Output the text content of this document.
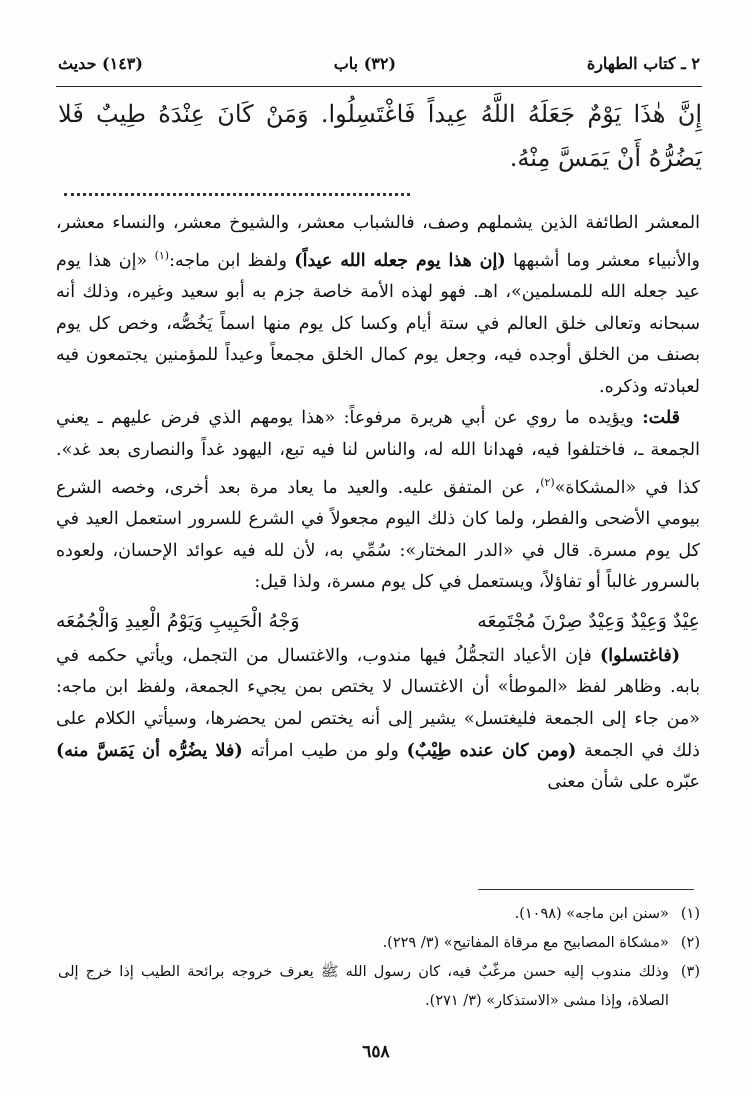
٢ ـ كتاب الطهارة
(٣٢) باب
(١٤٣) حديث
إِنَّ هٰذَا يَوْمٌ جَعَلَهُ اللَّهُ عِيداً فَاغْتَسِلُوا. وَمَنْ كَانَ عِنْدَهُ طِيبٌ فَلا يَضُرُّهُ أَنْ يَمَسَّ مِنْهُ.

المعشر الطائفة الذين يشملهم وصف، فالشباب معشر، والشيوخ معشر، والنساء معشر، والأنبياء معشر وما أشبهها (إن هذا يوم جعله الله عيداً) ولفظ ابن ماجه:$^{(١)}$ «إن هذا يوم عيد جعله الله للمسلمين»، اهـ. فهو لهذه الأمة خاصة جزم به أبو سعيد وغيره، وذلك أنه سبحانه وتعالى خلق العالم في ستة أيام وكسا كل يوم منها اسماً يَخُصُّه، وخص كل يوم بصنف من الخلق أوجده فيه، وجعل يوم كمال الخلق مجمعاً وعيداً للمؤمنين يجتمعون فيه لعبادته وذكره.

قلت: ويؤيده ما روي عن أبي هريرة مرفوعاً: «هذا يومهم الذي فرض عليهم ـ يعني الجمعة ـ، فاختلفوا فيه، فهدانا الله له، والناس لنا فيه تبع، اليهود غداً والنصارى بعد غد». كذا في «المشكاة»$^{(٢)}$، عن المتفق عليه. والعيد ما يعاد مرة بعد أخرى، وخصه الشرع بيومي الأضحى والفطر، ولما كان ذلك اليوم مجعولاً في الشرع للسرور استعمل العيد في كل يوم مسرة. قال في «الدر المختار»: سُمِّي به، لأن لله فيه عوائد الإحسان، ولعوده بالسرور غالباً أو تفاؤلاً، ويستعمل في كل يوم مسرة، ولذا قيل:

عِيْدٌ وَعِيْدٌ وَعِيْدٌ صِرْنَ مُجْتَمِعَه
وَجْهُ الْحَبِيبِ وَيَوْمُ الْعِيدِ وَالْجُمُعَه

(فاغتسلوا) فإن الأعياد التجمُّلُ فيها مندوب، والاغتسال من التجمل، ويأتي حكمه في بابه. وظاهر لفظ «الموطأ» أن الاغتسال لا يختص بمن يجيء الجمعة، ولفظ ابن ماجه: «من جاء إلى الجمعة فليغتسل» يشير إلى أنه يختص لمن يحضرها، وسيأتي الكلام على ذلك في الجمعة (ومن كان عنده طِيْبٌ) ولو من طيب امرأته (فلا يضُرُّه أن يَمَسَّ منه) عبّره على شأن معنى

(١)
«سنن ابن ماجه» (١٠٩٨).
(٢)
«مشكاة المصابيح مع مرقاة المفاتيح» (٣/ ٢٢٩).
(٣)
وذلك مندوب إليه حسن مرغّبٌ فيه، كان رسول الله ﷺ يعرف خروجه برائحة الطيب إذا خرج إلى الصلاة، وإذا مشى «الاستذكار» (٣/ ٢٧١).
٦٥٨
